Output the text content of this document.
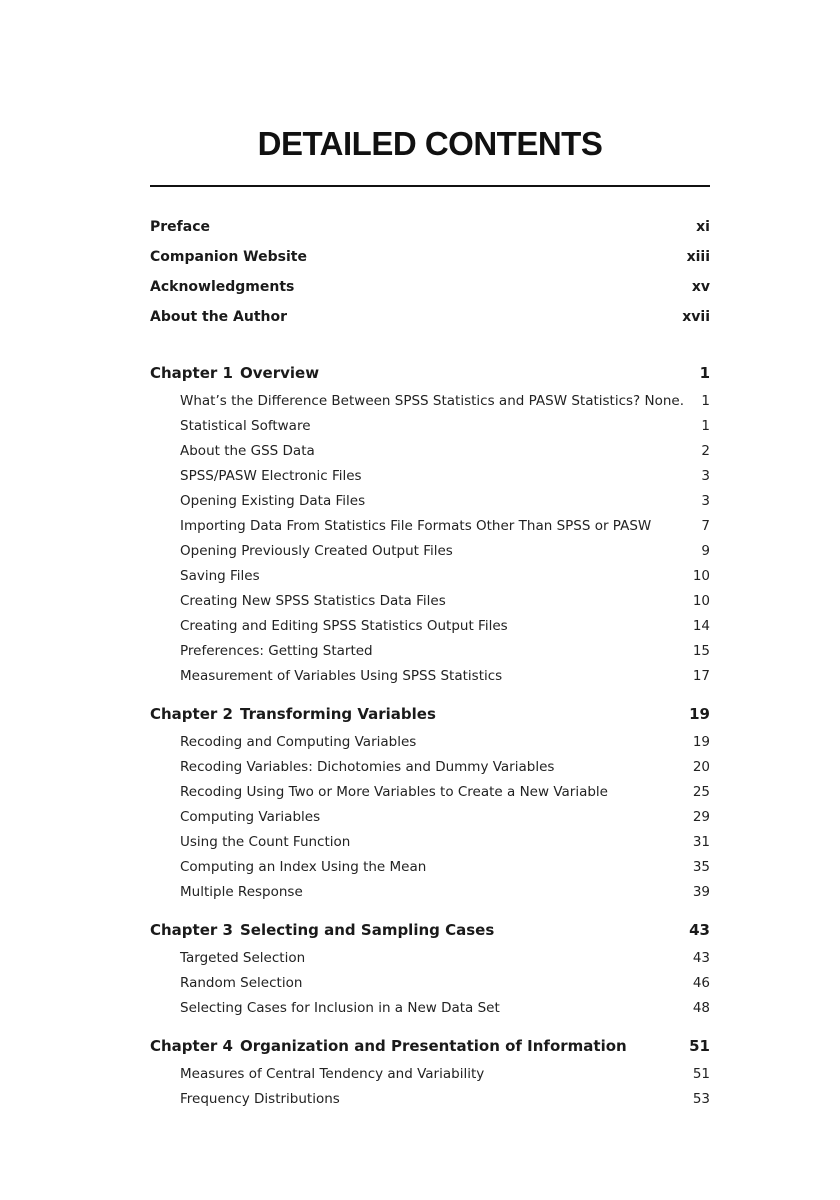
DETAILED CONTENTS
Preface	xi
Companion Website	xiii
Acknowledgments	xv
About the Author	xvii
Chapter 1 Overview	1
What’s the Difference Between SPSS Statistics and PASW Statistics? None. 1
Statistical Software	1
About the GSS Data	2
SPSS/PASW Electronic Files	3
Opening Existing Data Files	3
Importing Data From Statistics File Formats Other Than SPSS or PASW	7
Opening Previously Created Output Files	9
Saving Files	10
Creating New SPSS Statistics Data Files	10
Creating and Editing SPSS Statistics Output Files	14
Preferences: Getting Started	15
Measurement of Variables Using SPSS Statistics	17
Chapter 2 Transforming Variables	19
Recoding and Computing Variables	19
Recoding Variables: Dichotomies and Dummy Variables	20
Recoding Using Two or More Variables to Create a New Variable	25
Computing Variables	29
Using the Count Function	31
Computing an Index Using the Mean	35
Multiple Response	39
Chapter 3 Selecting and Sampling Cases	43
Targeted Selection	43
Random Selection	46
Selecting Cases for Inclusion in a New Data Set	48
Chapter 4 Organization and Presentation of Information	51
Measures of Central Tendency and Variability	51
Frequency Distributions	53
